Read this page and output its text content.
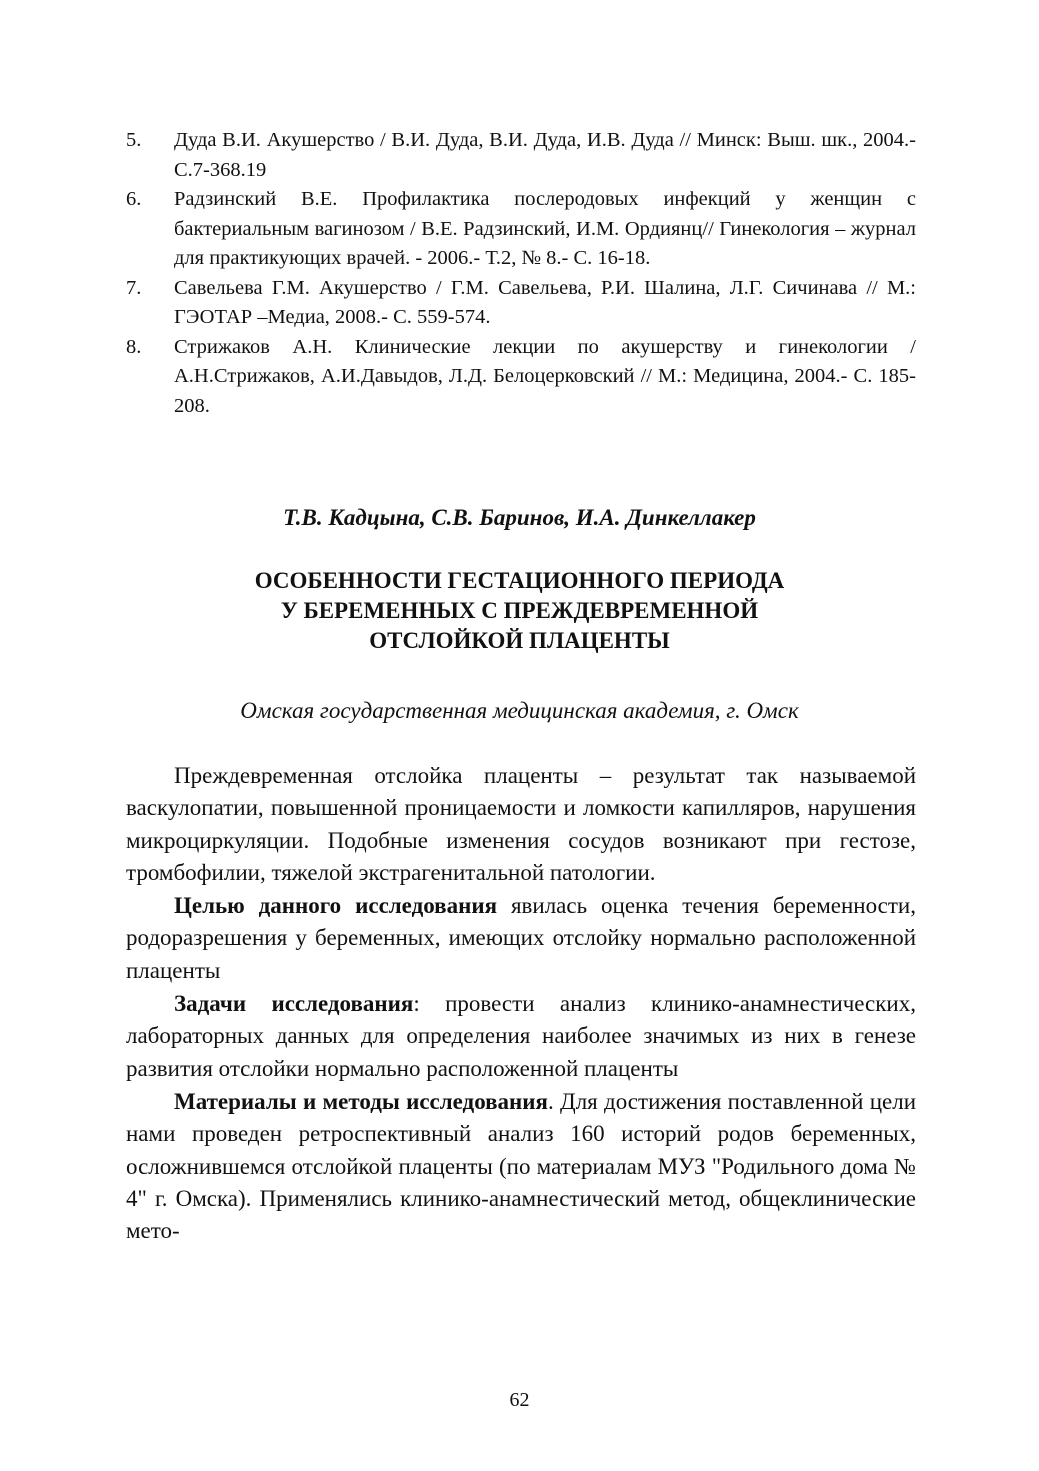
5.	Дуда В.И. Акушерство / В.И. Дуда, В.И. Дуда, И.В. Дуда // Минск: Выш. шк., 2004.- С.7-368.19
6.	Радзинский В.Е. Профилактика послеродовых инфекций у женщин с бактериальным вагинозом / В.Е. Радзинский, И.М. Ордиянц// Гинекология – журнал для практикующих врачей. - 2006.- Т.2, № 8.- С. 16-18.
7.	Савельева Г.М. Акушерство / Г.М. Савельева, Р.И. Шалина, Л.Г. Сичинава // М.: ГЭОТАР –Медиа, 2008.- С. 559-574.
8.	Стрижаков А.Н. Клинические лекции по акушерству и гинекологии / А.Н.Стрижаков, А.И.Давыдов, Л.Д. Белоцерковский // М.: Медицина, 2004.- С. 185-208.
Т.В. Кадцына, С.В. Баринов, И.А. Динкеллакер
ОСОБЕННОСТИ ГЕСТАЦИОННОГО ПЕРИОДА
У БЕРЕМЕННЫХ С ПРЕЖДЕВРЕМЕННОЙ
ОТСЛОЙКОЙ ПЛАЦЕНТЫ
Омская государственная медицинская академия, г. Омск

Преждевременная отслойка плаценты – результат так называемой васкулопатии, повышенной проницаемости и ломкости капилляров, нарушения микроциркуляции. Подобные изменения сосудов возникают при гестозе, тромбофилии, тяжелой экстрагенитальной патологии.

Целью данного исследования явилась оценка течения беременности, родоразрешения у беременных, имеющих отслойку нормально расположенной плаценты

Задачи исследования: провести анализ клинико-анамнестических, лабораторных данных для определения наиболее значимых из них в генезе развития отслойки нормально расположенной плаценты

Материалы и методы исследования. Для достижения поставленной цели нами проведен ретроспективный анализ 160 историй родов беременных, осложнившемся отслойкой плаценты (по материалам МУЗ "Родильного дома № 4" г. Омска). Применялись клинико-анамнестический метод, общеклинические мето-

62
